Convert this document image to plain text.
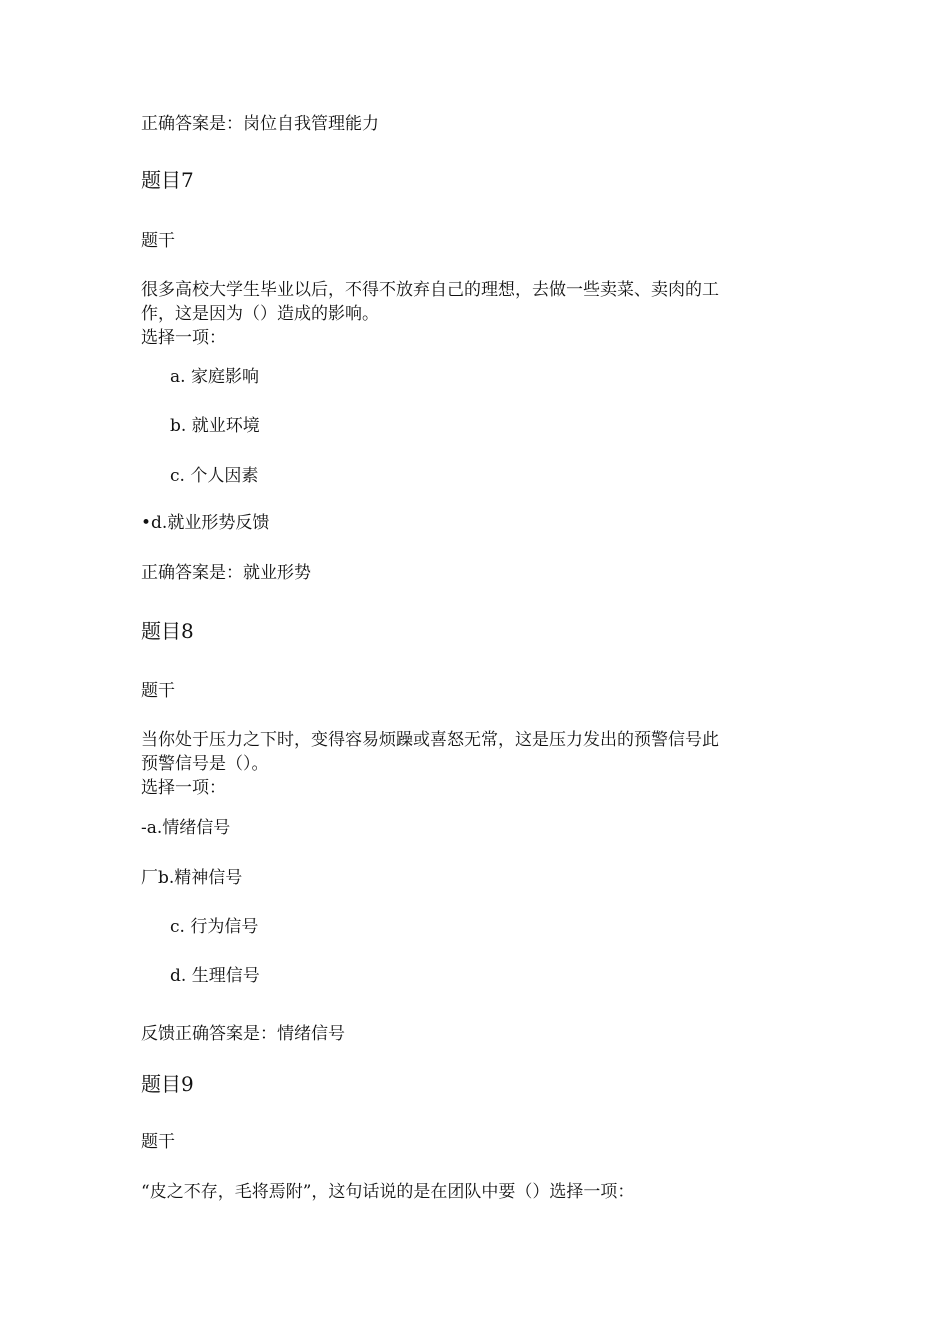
正确答案是：岗位自我管理能力
题目7
题干
很多高校大学生毕业以后，不得不放弃自己的理想，去做一些卖菜、卖肉的工
作，这是因为（）造成的影响。
选择一项：
a. 家庭影响
b. 就业环境
c. 个人因素
•d.就业形势反馈
正确答案是：就业形势
题目8
题干
当你处于压力之下时，变得容易烦躁或喜怒无常，这是压力发出的预警信号此
预警信号是（）。
选择一项：
-a.情绪信号
厂b.精神信号
c. 行为信号
d. 生理信号
反馈正确答案是：情绪信号
题目9
题干
“皮之不存，毛将焉附”，这句话说的是在团队中要（）选择一项：
